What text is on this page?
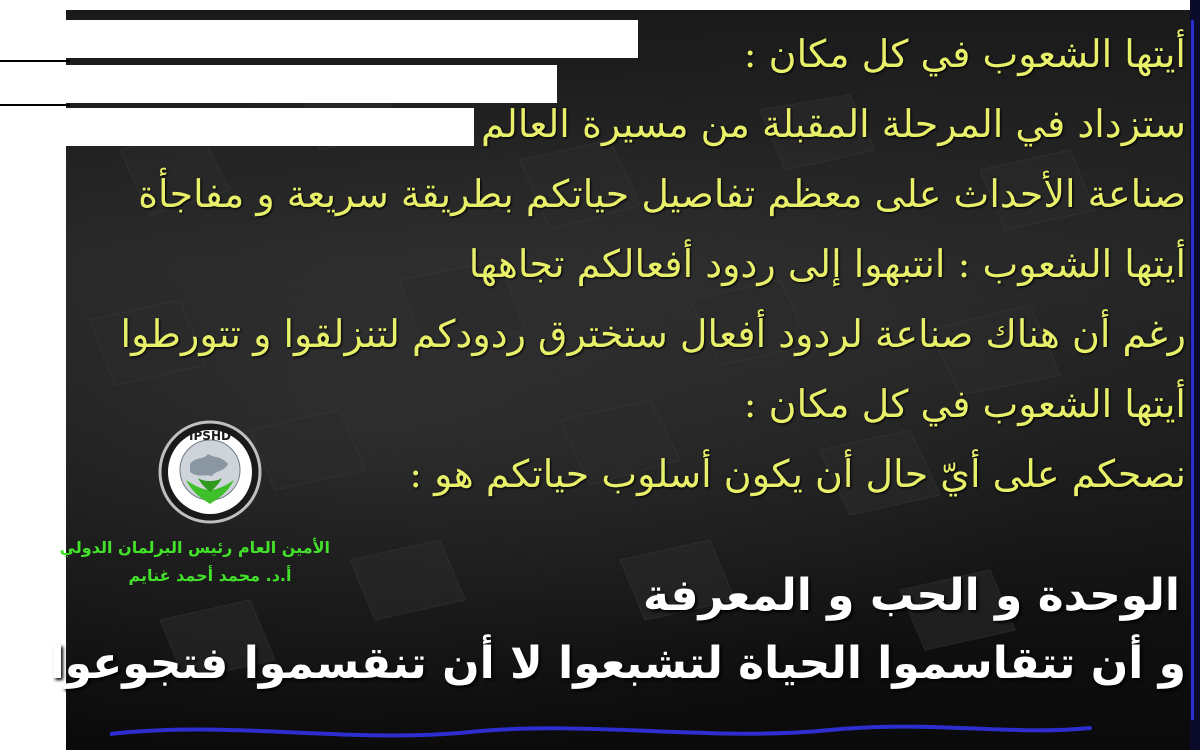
أيتها الشعوب في كل مكان :
ستزداد في المرحلة المقبلة من مسيرة العالم
صناعة الأحداث على معظم تفاصيل حياتكم بطريقة سريعة و مفاجأة
أيتها الشعوب : انتبهوا إلى ردود أفعالكم تجاهها
رغم أن هناك صناعة لردود أفعال ستخترق ردودكم لتنزلقوا و تتورطوا
أيتها الشعوب في كل مكان :
نصحكم على أيّ حال أن يكون أسلوب حياتكم هو :
الوحدة و الحب و المعرفة
و أن تتقاسموا الحياة لتشبعوا لا أن تنقسموا فتجوعوا
IPSHD
الأمين العام رئيس البرلمان الدولي
أ.د. محمد أحمد غنايم
